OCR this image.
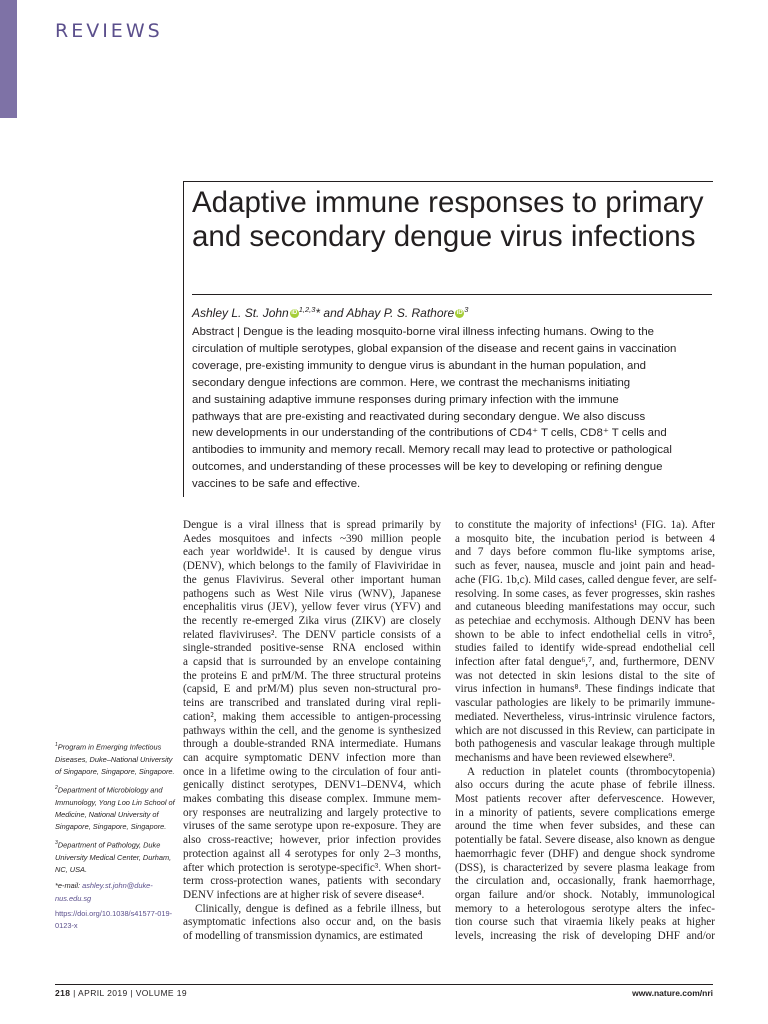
REVIEWS
Adaptive immune responses to primary and secondary dengue virus infections
Ashley L. St. John iD $^{1,2,3}$* and Abhay P. S. Rathore iD $^3$
Abstract | Dengue is the leading mosquito-borne viral illness infecting humans. Owing to the
circulation of multiple serotypes, global expansion of the disease and recent gains in vaccination
coverage, pre-existing immunity to dengue virus is abundant in the human population, and
secondary dengue infections are common. Here, we contrast the mechanisms initiating
and sustaining adaptive immune responses during primary infection with the immune
pathways that are pre-existing and reactivated during secondary dengue. We also discuss
new developments in our understanding of the contributions of CD4⁺ T cells, CD8⁺ T cells and
antibodies to immunity and memory recall. Memory recall may lead to protective or pathological
outcomes, and understanding of these processes will be key to developing or refining dengue
vaccines to be safe and effective.
Dengue is a viral illness that is spread primarily by
Aedes mosquitoes and infects ~390 million people
each year worldwide¹. It is caused by dengue virus
(DENV), which belongs to the family of Flaviviridae in
the genus Flavivirus. Several other important human
pathogens such as West Nile virus (WNV), Japanese
encephalitis virus (JEV), yellow fever virus (YFV) and
the recently re-emerged Zika virus (ZIKV) are closely
related flaviviruses². The DENV particle consists of a
single-stranded positive-sense RNA enclosed within
a capsid that is surrounded by an envelope containing
the proteins E and prM/M. The three structural proteins
(capsid, E and prM/M) plus seven non-structural pro-
teins are transcribed and translated during viral repli-
cation², making them accessible to antigen-processing
pathways within the cell, and the genome is synthesized
through a double-stranded RNA intermediate. Humans
can acquire symptomatic DENV infection more than
once in a lifetime owing to the circulation of four anti-
genically distinct serotypes, DENV1–DENV4, which
makes combating this disease complex. Immune mem-
ory responses are neutralizing and largely protective to
viruses of the same serotype upon re-exposure. They are
also cross-reactive; however, prior infection provides
protection against all 4 serotypes for only 2–3 months,
after which protection is serotype-specific³. When short-
term cross-protection wanes, patients with secondary
DENV infections are at higher risk of severe disease⁴.
Clinically, dengue is defined as a febrile illness, but
asymptomatic infections also occur and, on the basis
of modelling of transmission dynamics, are estimated
to constitute the majority of infections¹ (FIG. 1a). After
a mosquito bite, the incubation period is between 4
and 7 days before common flu-like symptoms arise,
such as fever, nausea, muscle and joint pain and head-
ache (FIG. 1b,c). Mild cases, called dengue fever, are self-
resolving. In some cases, as fever progresses, skin rashes
and cutaneous bleeding manifestations may occur, such
as petechiae and ecchymosis. Although DENV has been
shown to be able to infect endothelial cells in vitro⁵,
studies failed to identify wide-spread endothelial cell
infection after fatal dengue⁶,⁷, and, furthermore, DENV
was not detected in skin lesions distal to the site of
virus infection in humans⁸. These findings indicate that
vascular pathologies are likely to be primarily immune-
mediated. Nevertheless, virus-intrinsic virulence factors,
which are not discussed in this Review, can participate in
both pathogenesis and vascular leakage through multiple
mechanisms and have been reviewed elsewhere⁹.
A reduction in platelet counts (thrombocytopenia)
also occurs during the acute phase of febrile illness.
Most patients recover after defervescence. However,
in a minority of patients, severe complications emerge
around the time when fever subsides, and these can
potentially be fatal. Severe disease, also known as dengue
haemorrhagic fever (DHF) and dengue shock syndrome
(DSS), is characterized by severe plasma leakage from
the circulation and, occasionally, frank haemorrhage,
organ failure and/or shock. Notably, immunological
memory to a heterologous serotype alters the infec-
tion course such that viraemia likely peaks at higher
levels, increasing the risk of developing DHF and/or
$^1$Program in Emerging Infectious Diseases, Duke–National University of Singapore, Singapore, Singapore.
$^2$Department of Microbiology and Immunology, Yong Loo Lin School of Medicine, National University of Singapore, Singapore, Singapore.
$^3$Department of Pathology, Duke University Medical Center, Durham, NC, USA.
*e-mail: ashley.st.john@duke-nus.edu.sg
https://doi.org/10.1038/s41577-019-0123-x
218 | APRIL 2019 | VOLUME 19	www.nature.com/nri
